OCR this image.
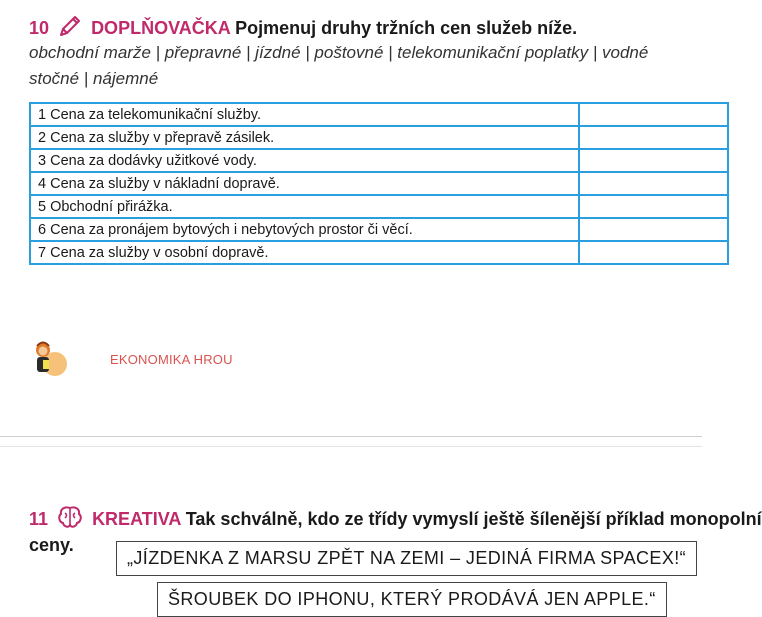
10 DOPLŇOVAČKA Pojmenuj druhy tržních cen služeb níže.
obchodní marže | přepravné | jízdné | poštovné | telekomunikační poplatky | vodné
stočné | nájemné
1 Cena za telekomunikační služby.	
2 Cena za služby v přepravě zásilek.	
3 Cena za dodávky užitkové vody.	
4 Cena za služby v nákladní dopravě.	
5 Obchodní přirážka.	
6 Cena za pronájem bytových i nebytových prostor či věcí.	
7 Cena za služby v osobní dopravě.	
EKONOMIKA HROU
11 KREATIVA Tak schválně, kdo ze třídy vymyslí ještě šílenější příklad monopolní
ceny.
„JÍZDENKA Z MARSU ZPĚT NA ZEMI – JEDINÁ FIRMA SPACEX!“
ŠROUBEK DO IPHONU, KTERÝ PRODÁVÁ JEN APPLE.“
